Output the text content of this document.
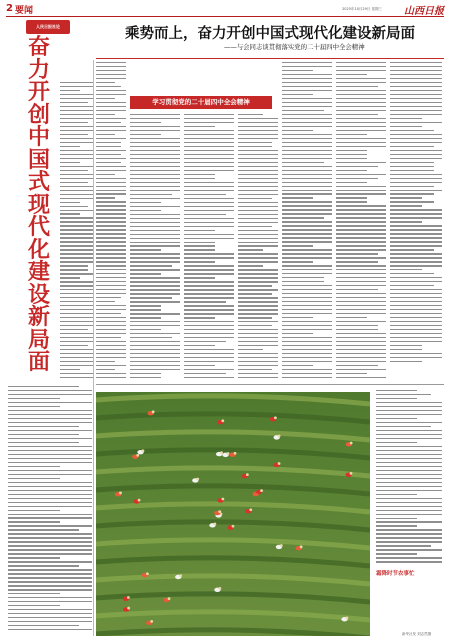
2 要闻	2025年10月29日 星期三 山西日报
人民日报社论
奋力开创中国式现代化建设新局面
乘势而上，奋力开创中国式现代化建设新局面
——与会同志谈贯彻落实党的二十届四中全会精神
学习贯彻党的二十届四中全会精神
霜降时节农事忙
新华社发 刘志然摄
